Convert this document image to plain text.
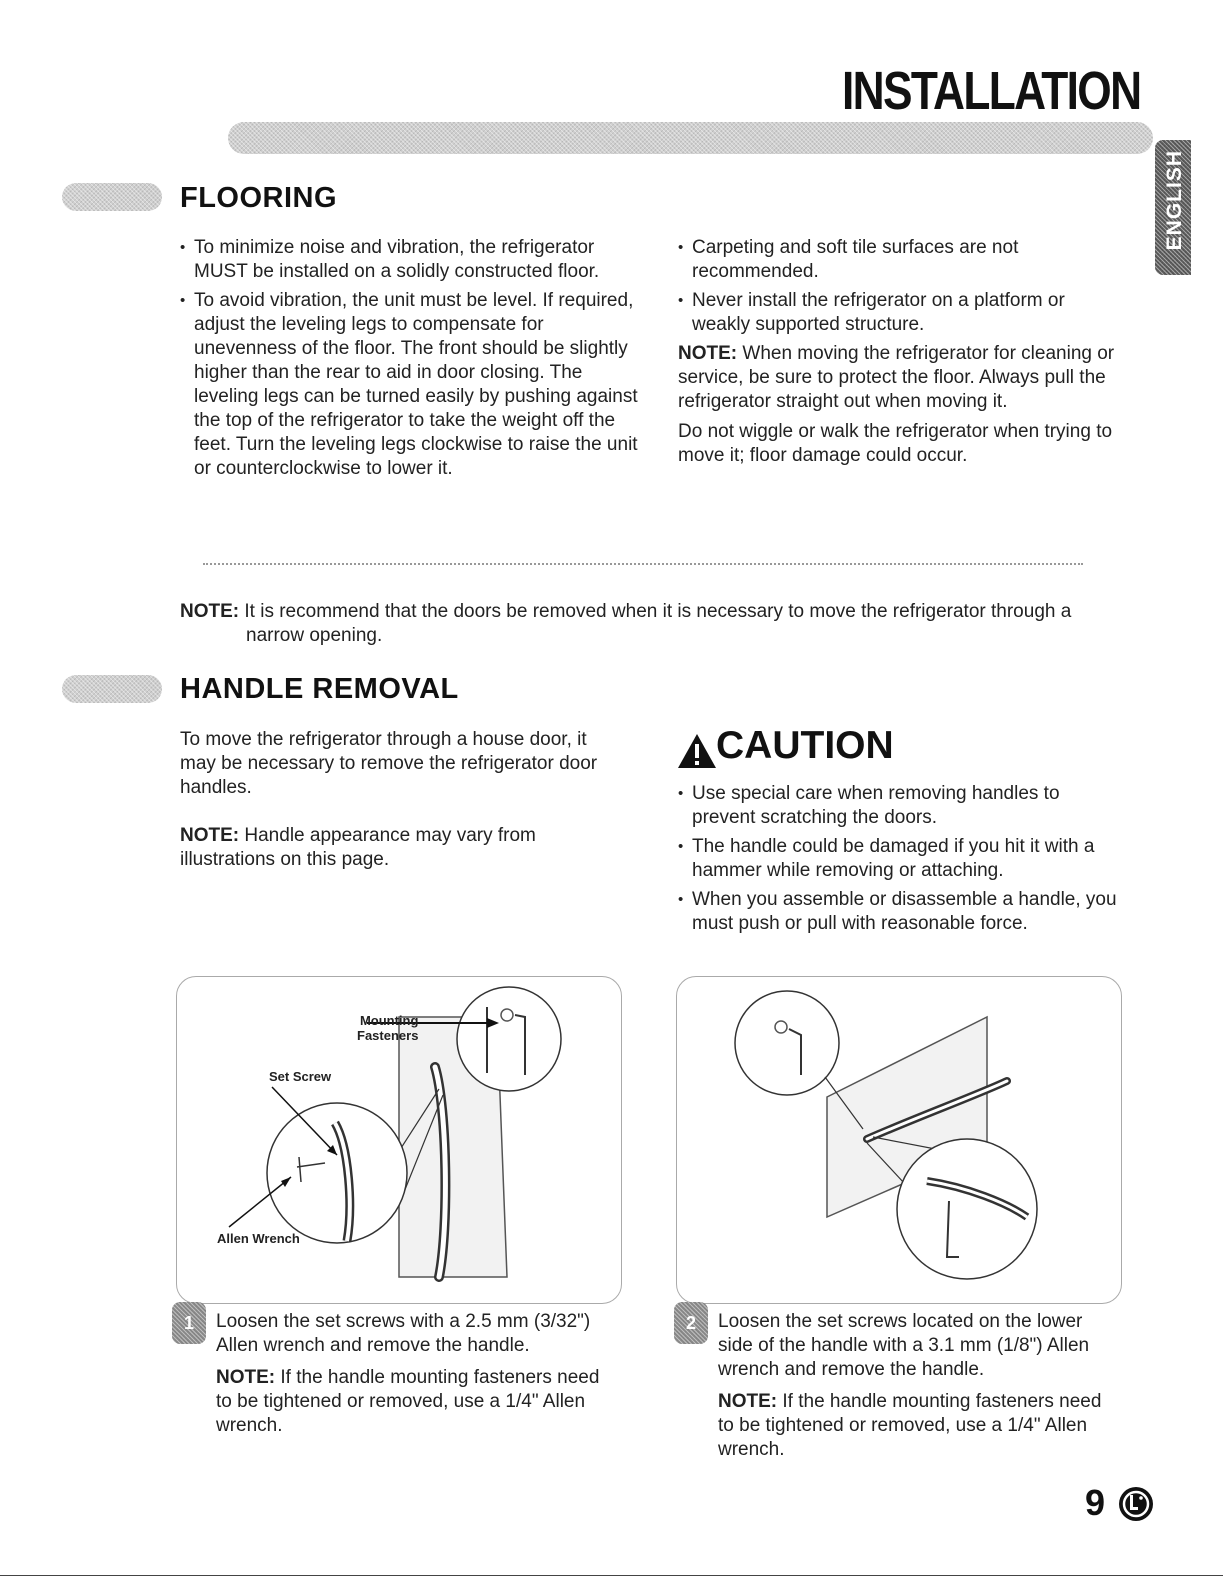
INSTALLATION
ENGLISH
FLOORING

• To minimize noise and vibration, the refrigerator MUST be installed on a solidly constructed floor.

• To avoid vibration, the unit must be level. If required, adjust the leveling legs to compensate for unevenness of the floor. The front should be slightly higher than the rear to aid in door closing. The leveling legs can be turned easily by pushing against the top of the refrigerator to take the weight off the feet. Turn the leveling legs clockwise to raise the unit or counterclockwise to lower it.

• Carpeting and soft tile surfaces are not recommended.

• Never install the refrigerator on a platform or weakly supported structure.

NOTE: When moving the refrigerator for cleaning or service, be sure to protect the floor. Always pull the refrigerator straight out when moving it.

Do not wiggle or walk the refrigerator when trying to move it; floor damage could occur.

NOTE: It is recommend that the doors be removed when it is necessary to move the refrigerator through a
narrow opening.
HANDLE REMOVAL

To move the refrigerator through a house door, it may be necessary to remove the refrigerator door handles.

NOTE: Handle appearance may vary from illustrations on this page.

CAUTION

• Use special care when removing handles to prevent scratching the doors.

• The handle could be damaged if you hit it with a hammer while removing or attaching.

• When you assemble or disassemble a handle, you must push or pull with reasonable force.

Mounting
Fasteners
Set Screw
Allen Wrench
1	Loosen the set screws with a 2.5 mm (3/32") Allen wrench and remove the handle.

NOTE: If the handle mounting fasteners need to be tightened or removed, use a 1/4" Allen wrench.

2	Loosen the set screws located on the lower side of the handle with a 3.1 mm (1/8") Allen wrench and remove the handle.

NOTE: If the handle mounting fasteners need to be tightened or removed, use a 1/4" Allen wrench.

9
